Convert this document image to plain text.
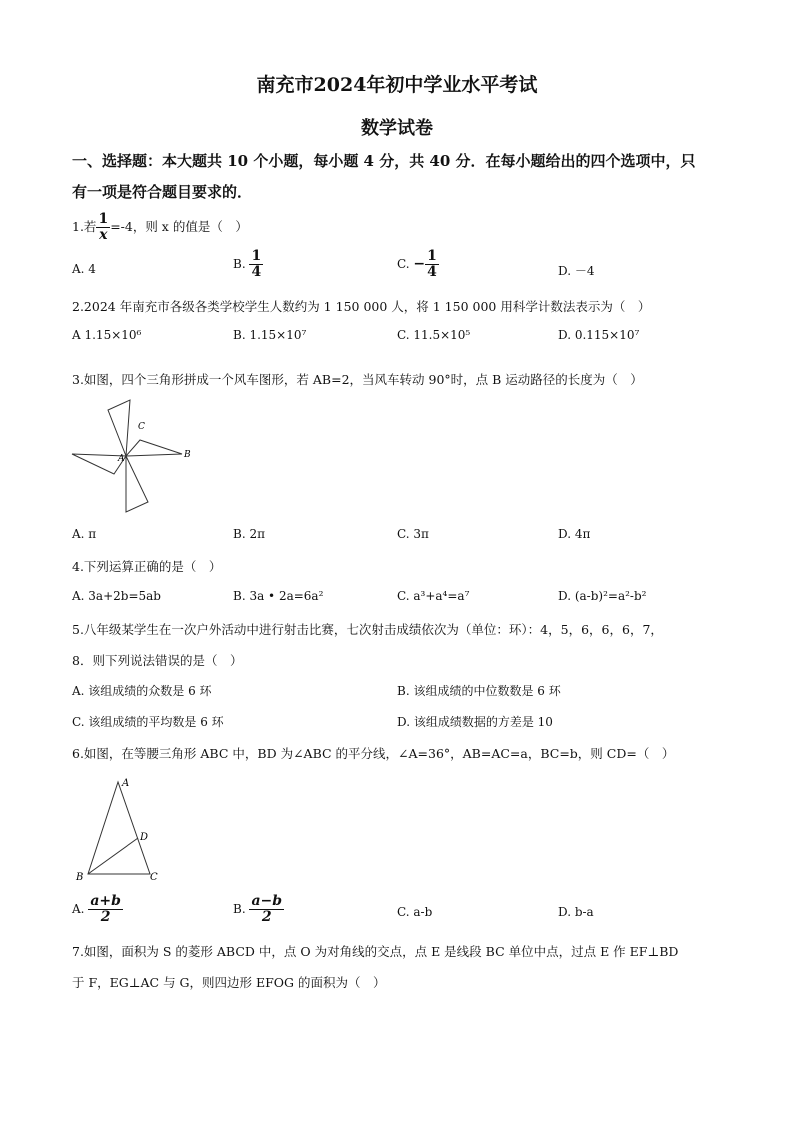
南充市2024年初中学业水平考试
数学试卷
一、选择题：本大题共 10 个小题，每小题 4 分，共 40 分．在每小题给出的四个选项中，只
有一项是符合题目要求的．
1.若 $\frac{1}{x} =-4$，则 x 的值是（　）
A. 4	B. $\frac{1}{4}$	C. − $\frac{1}{4}$	D. －4
2.2024 年南充市各级各类学校学生人数约为 1 150 000 人，将 1 150 000 用科学计数法表示为（　）
A 1.15×10⁶	B. 1.15×10⁷	C. 11.5×10⁵	D. 0.115×10⁷
3.如图，四个三角形拼成一个风车图形，若 AB=2，当风车转动 90°时，点 B 运动路径的长度为（　）
A	B
C
A. π	B. 2π	C. 3π	D. 4π
4.下列运算正确的是（　）
A. 3a+2b=5ab	B. 3a • 2a=6a²	C. a³+a⁴=a⁷	D. (a-b)²=a²-b²
5.八年级某学生在一次户外活动中进行射击比赛，七次射击成绩依次为（单位：环）：4，5，6，6，6，7，
8．则下列说法错误的是（　）
A. 该组成绩的众数是 6 环	B. 该组成绩的中位数数是 6 环
C. 该组成绩的平均数是 6 环	D. 该组成绩数据的方差是 10
6.如图，在等腰三角形 ABC 中，BD 为∠ABC 的平分线，∠A=36°，AB=AC=a，BC=b，则 CD=（　）
A
B	C
D
A. $\frac{a+b}{2}$	B. $\frac{a-b}{2}$	C. a-b	D. b-a
7.如图，面积为 S 的菱形 ABCD 中，点 O 为对角线的交点，点 E 是线段 BC 单位中点，过点 E 作 EF⊥BD
于 F，EG⊥AC 与 G，则四边形 EFOG 的面积为（　）
